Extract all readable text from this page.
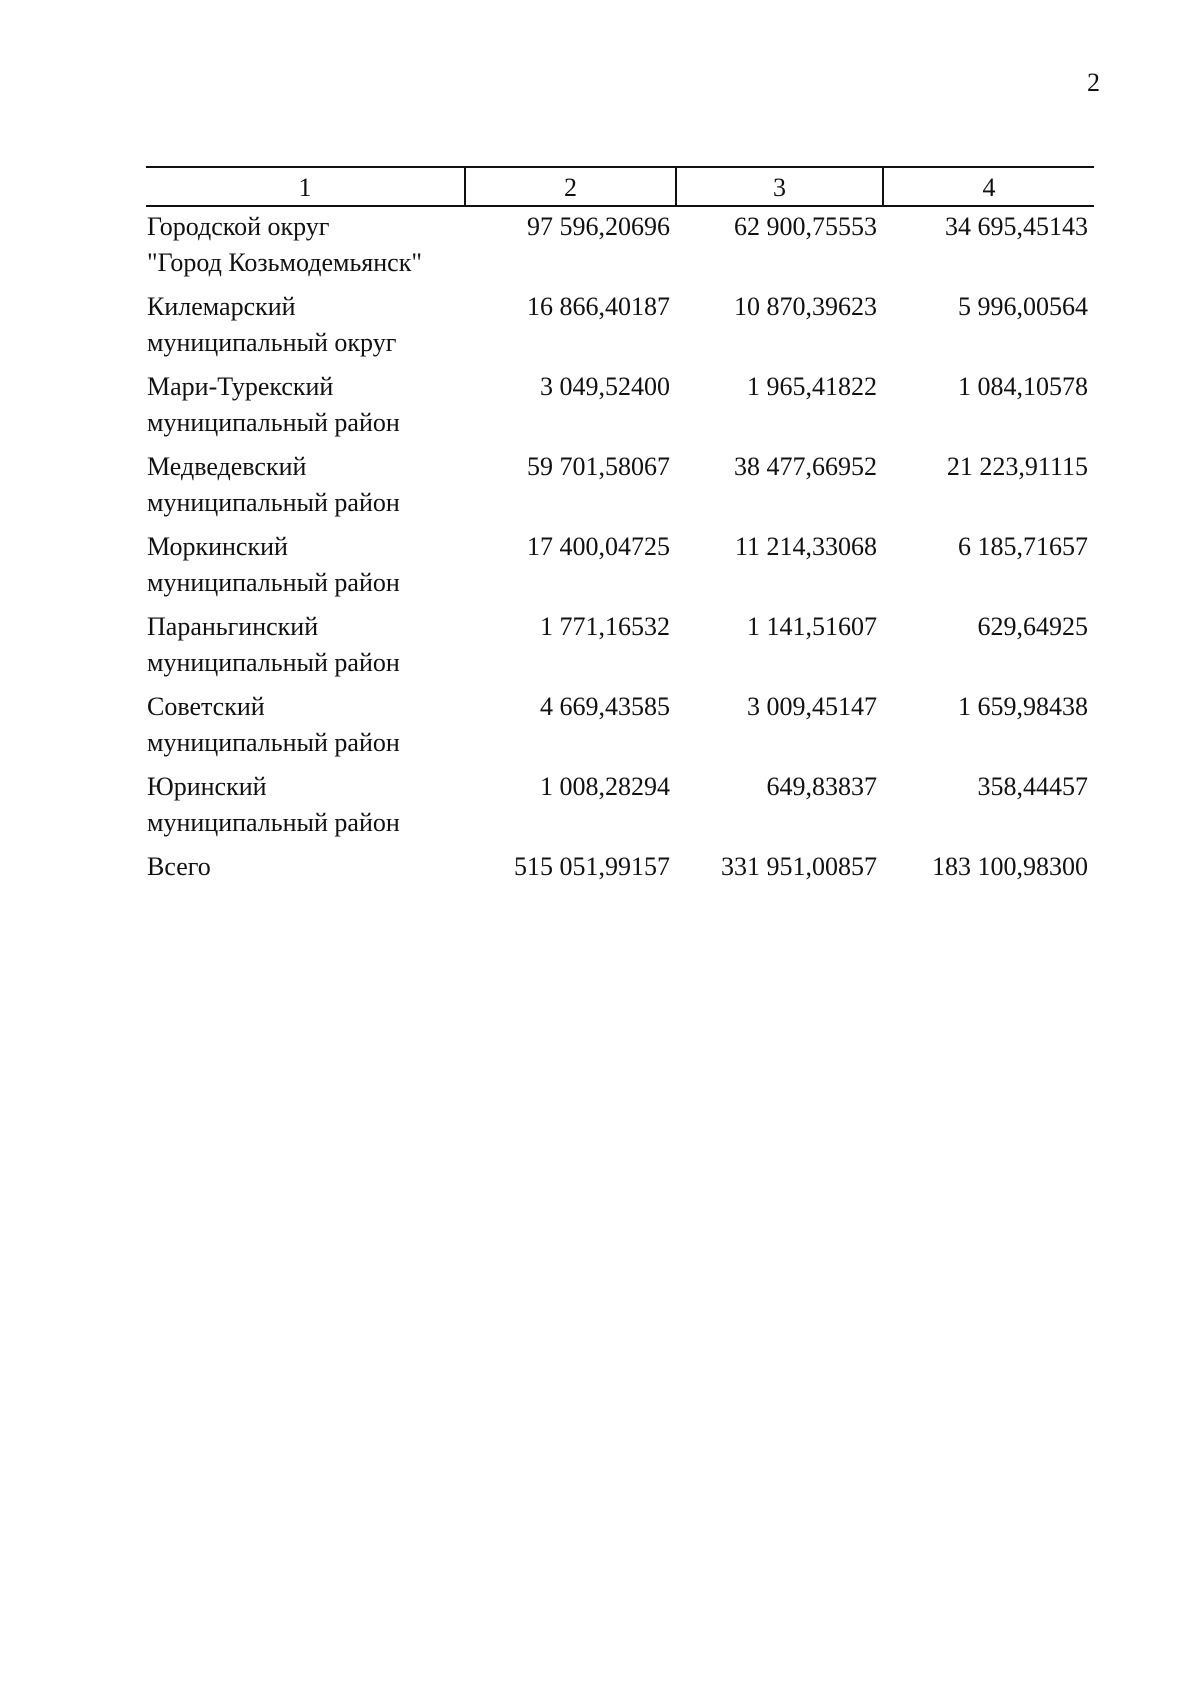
2
1	2	3	4

Городской округ
"Город Козьмодемьянск"	97 596,20696	62 900,75553	34 695,45143

Килемарский
муниципальный округ	16 866,40187	10 870,39623	5 996,00564

Мари-Турекский
муниципальный район	3 049,52400	1 965,41822	1 084,10578

Медведевский
муниципальный район	59 701,58067	38 477,66952	21 223,91115

Моркинский
муниципальный район	17 400,04725	11 214,33068	6 185,71657

Параньгинский
муниципальный район	1 771,16532	1 141,51607	629,64925

Советский
муниципальный район	4 669,43585	3 009,45147	1 659,98438

Юринский
муниципальный район	1 008,28294	649,83837	358,44457
Всего	515 051,99157	331 951,00857	183 100,98300
